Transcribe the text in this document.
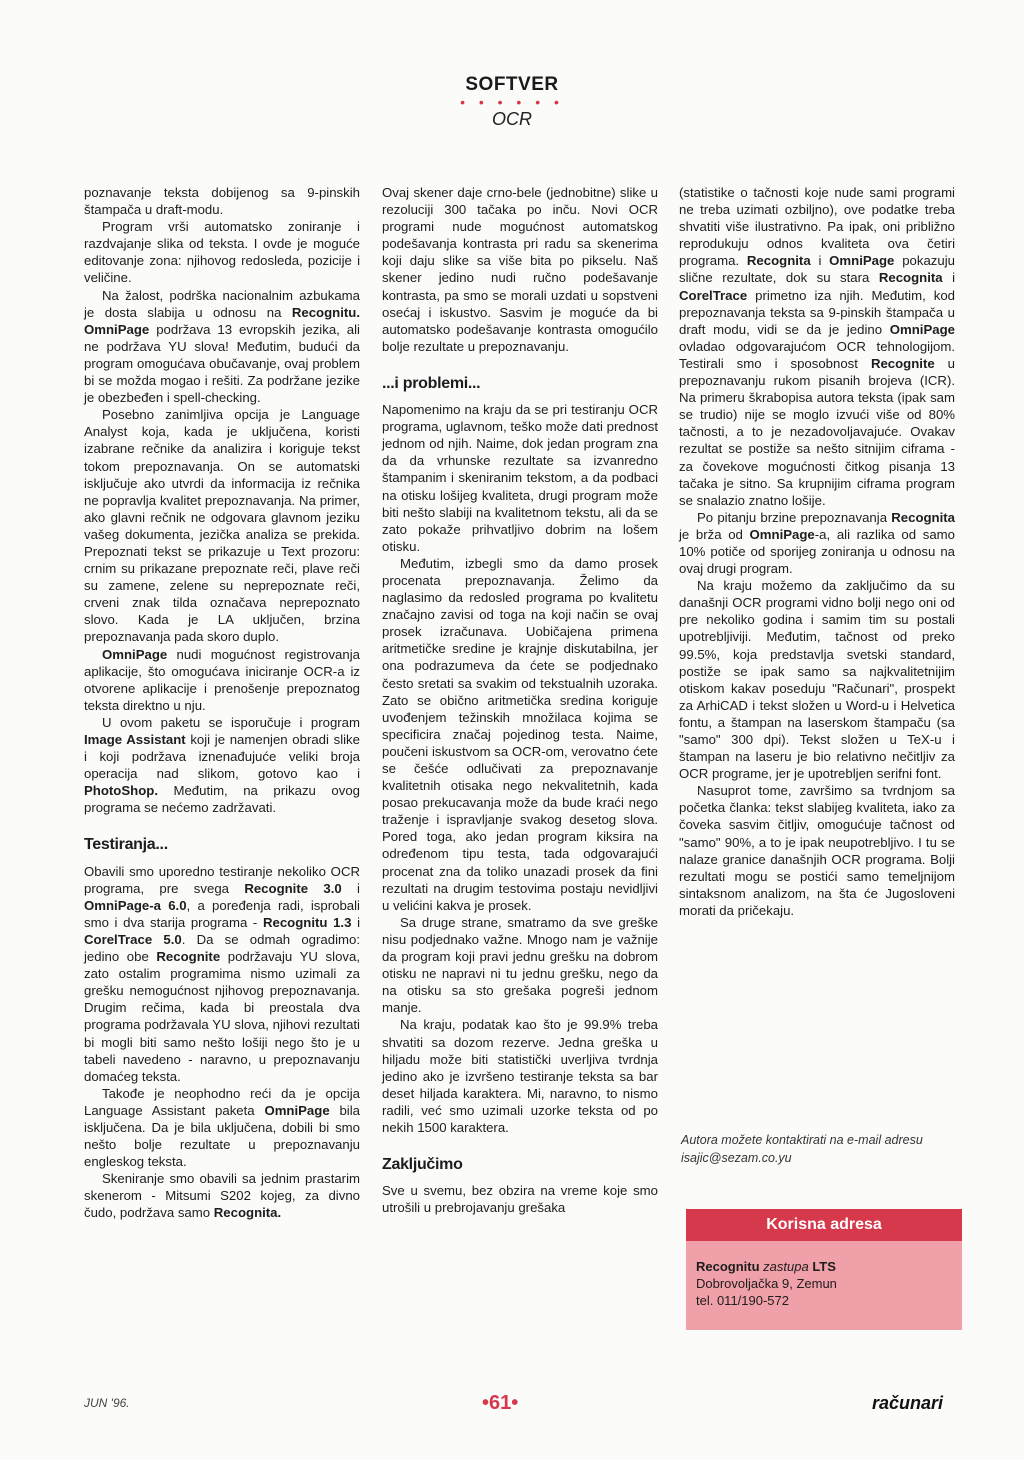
SOFTVER
• • • • • •
OCR

poznavanje teksta dobijenog sa 9-pinskih štampača u draft-modu.

Program vrši automatsko zoniranje i razdvajanje slika od teksta. I ovde je moguće editovanje zona: njihovog redosleda, pozicije i veličine.

Na žalost, podrška nacionalnim azbukama je dosta slabija u odnosu na Recognitu. OmniPage podržava 13 evropskih jezika, ali ne podržava YU slova! Međutim, budući da program omogućava obučavanje, ovaj problem bi se možda mogao i rešiti. Za podržane jezike je obezbeđen i spell-checking.

Posebno zanimljiva opcija je Language Analyst koja, kada je uključena, koristi izabrane rečnike da analizira i koriguje tekst tokom prepoznavanja. On se automatski isključuje ako utvrdi da informacija iz rečnika ne popravlja kvalitet prepoznavanja. Na primer, ako glavni rečnik ne odgovara glavnom jeziku vašeg dokumenta, jezička analiza se prekida. Prepoznati tekst se prikazuje u Text prozoru: crnim su prikazane prepoznate reči, plave reči su zamene, zelene su neprepoznate reči, crveni znak tilda označava neprepoznato slovo. Kada je LA uključen, brzina prepoznavanja pada skoro duplo.

OmniPage nudi mogućnost registrovanja aplikacije, što omogućava iniciranje OCR-a iz otvorene aplikacije i prenošenje prepoznatog teksta direktno u nju.

U ovom paketu se isporučuje i program Image Assistant koji je namenjen obradi slike i koji podržava iznenađujuće veliki broja operacija nad slikom, gotovo kao i PhotoShop. Međutim, na prikazu ovog programa se nećemo zadržavati.

Testiranja...

Obavili smo uporedno testiranje nekoliko OCR programa, pre svega Recognite 3.0 i OmniPage-a 6.0, a poređenja radi, isprobali smo i dva starija programa - Recognitu 1.3 i CorelTrace 5.0. Da se odmah ogradimo: jedino obe Recognite podržavaju YU slova, zato ostalim programima nismo uzimali za grešku nemogućnost njihovog prepoznavanja. Drugim rečima, kada bi preostala dva programa podržavala YU slova, njihovi rezultati bi mogli biti samo nešto lošiji nego što je u tabeli navedeno - naravno, u prepoznavanju domaćeg teksta.

Takođe je neophodno reći da je opcija Language Assistant paketa OmniPage bila isključena. Da je bila uključena, dobili bi smo nešto bolje rezultate u prepoznavanju engleskog teksta.

Skeniranje smo obavili sa jednim prastarim skenerom - Mitsumi S202 kojeg, za divno čudo, podržava samo Recognita.

Ovaj skener daje crno-bele (jednobitne) slike u rezoluciji 300 tačaka po inču. Novi OCR programi nude mogućnost automatskog podešavanja kontrasta pri radu sa skenerima koji daju slike sa više bita po pikselu. Naš skener jedino nudi ručno podešavanje kontrasta, pa smo se morali uzdati u sopstveni osećaj i iskustvo. Sasvim je moguće da bi automatsko podešavanje kontrasta omogućilo bolje rezultate u prepoznavanju.

...i problemi...

Napomenimo na kraju da se pri testiranju OCR programa, uglavnom, teško može dati prednost jednom od njih. Naime, dok jedan program zna da da vrhunske rezultate sa izvanredno štampanim i skeniranim tekstom, a da podbaci na otisku lošijeg kvaliteta, drugi program može biti nešto slabiji na kvalitetnom tekstu, ali da se zato pokaže prihvatljivo dobrim na lošem otisku.

Međutim, izbegli smo da damo prosek procenata prepoznavanja. Želimo da naglasimo da redosled programa po kvalitetu značajno zavisi od toga na koji način se ovaj prosek izračunava. Uobičajena primena aritmetičke sredine je krajnje diskutabilna, jer ona podrazumeva da ćete se podjednako često sretati sa svakim od tekstualnih uzoraka. Zato se obično aritmetička sredina koriguje uvođenjem težinskih množilaca kojima se specificira značaj pojedinog testa. Naime, poučeni iskustvom sa OCR-om, verovatno ćete se češće odlučivati za prepoznavanje kvalitetnih otisaka nego nekvalitetnih, kada posao prekucavanja može da bude kraći nego traženje i ispravljanje svakog desetog slova. Pored toga, ako jedan program kiksira na određenom tipu testa, tada odgovarajući procenat zna da toliko unazadi prosek da fini rezultati na drugim testovima postaju nevidljivi u velićini kakva je prosek.

Sa druge strane, smatramo da sve greške nisu podjednako važne. Mnogo nam je važnije da program koji pravi jednu grešku na dobrom otisku ne napravi ni tu jednu grešku, nego da na otisku sa sto grešaka pogreši jednom manje.

Na kraju, podatak kao što je 99.9% treba shvatiti sa dozom rezerve. Jedna greška u hiljadu može biti statistički uverljiva tvrdnja jedino ako je izvršeno testiranje teksta sa bar deset hiljada karaktera. Mi, naravno, to nismo radili, već smo uzimali uzorke teksta od po nekih 1500 karaktera.

Zaključimo

Sve u svemu, bez obzira na vreme koje smo utrošili u prebrojavanju grešaka

(statistike o tačnosti koje nude sami programi ne treba uzimati ozbiljno), ove podatke treba shvatiti više ilustrativno. Pa ipak, oni približno reprodukuju odnos kvaliteta ova četiri programa. Recognita i OmniPage pokazuju slične rezultate, dok su stara Recognita i CorelTrace primetno iza njih. Međutim, kod prepoznavanja teksta sa 9-pinskih štampača u draft modu, vidi se da je jedino OmniPage ovladao odgovarajućom OCR tehnologijom. Testirali smo i sposobnost Recognite u prepoznavanju rukom pisanih brojeva (ICR). Na primeru škrabopisa autora teksta (ipak sam se trudio) nije se moglo izvući više od 80% tačnosti, a to je nezadovoljavajuće. Ovakav rezultat se postiže sa nešto sitnijim ciframa - za čovekove mogućnosti čitkog pisanja 13 tačaka je sitno. Sa krupnijim ciframa program se snalazio znatno lošije.

Po pitanju brzine prepoznavanja Recognita je brža od OmniPage-a, ali razlika od samo 10% potiče od sporijeg zoniranja u odnosu na ovaj drugi program.

Na kraju možemo da zaključimo da su današnji OCR programi vidno bolji nego oni od pre nekoliko godina i samim tim su postali upotrebljiviji. Međutim, tačnost od preko 99.5%, koja predstavlja svetski standard, postiže se ipak samo sa najkvalitetnijim otiskom kakav poseduju "Računari", prospekt za ArhiCAD i tekst složen u Word-u i Helvetica fontu, a štampan na laserskom štampaču (sa "samo" 300 dpi). Tekst složen u TeX-u i štampan na laseru je bio relativno nečitljiv za OCR programe, jer je upotrebljen serifni font.

Nasuprot tome, završimo sa tvrdnjom sa početka članka: tekst slabijeg kvaliteta, iako za čoveka sasvim čitljiv, omogućuje tačnost od "samo" 90%, a to je ipak neupotrebljivo. I tu se nalaze granice današnjih OCR programa. Bolji rezultati mogu se postići samo temeljnijom sintaksnom analizom, na šta će Jugosloveni morati da pričekaju.

Autora možete kontaktirati na e-mail adresu
isajic@sezam.co.yu
Korisna adresa
Recognitu zastupa LTS
Dobrovoljačka 9, Zemun
tel. 011/190-572
JUN '96.	•61•	računari
